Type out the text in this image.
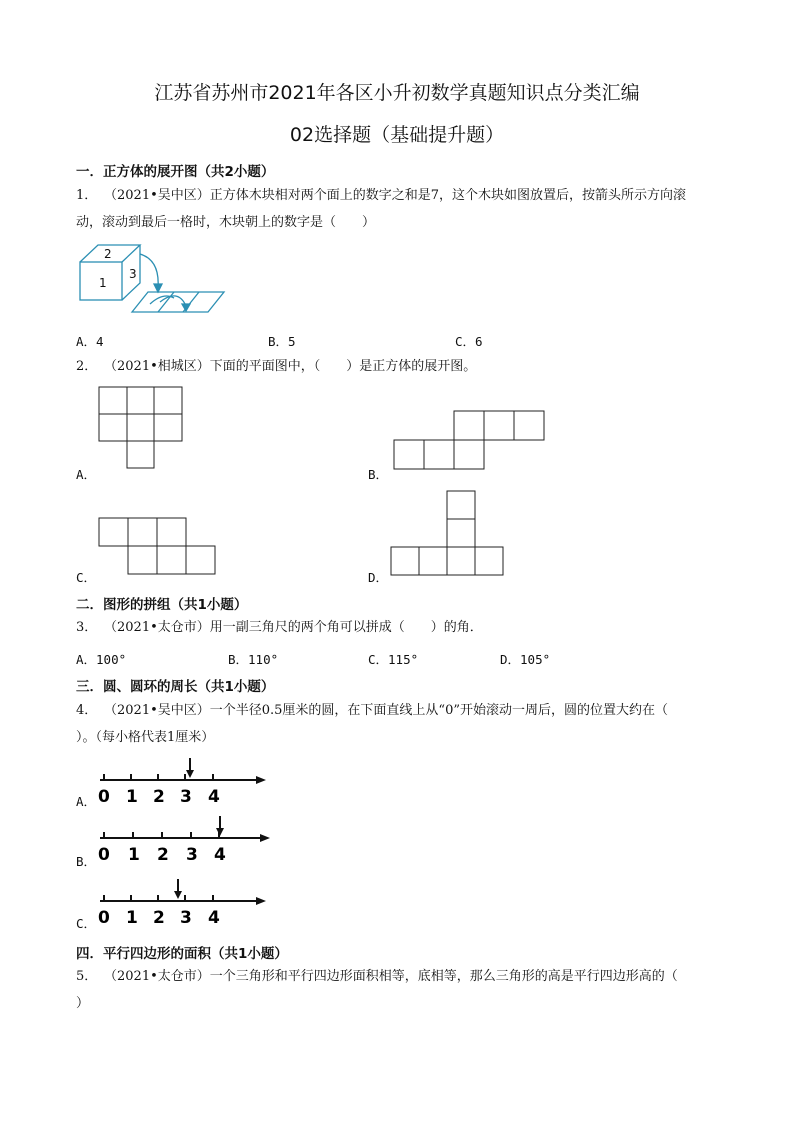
江苏省苏州市2021年各区小升初数学真题知识点分类汇编
02选择题（基础提升题）
一．正方体的展开图（共2小题）
1． （2021•吴中区）正方体木块相对两个面上的数字之和是7，这个木块如图放置后，按箭头所示方向滚
动，滚动到最后一格时，木块朝上的数字是（　　）
2
3
1
A．4	B．5	C．6
2． （2021•相城区）下面的平面图中，（　　）是正方体的展开图。
A．	B．
C．	D．
二．图形的拼组（共1小题）
3． （2021•太仓市）用一副三角尺的两个角可以拼成（　　）的角．
A．100°	B．110°	C．115°	D．105°
三．圆、圆环的周长（共1小题）
4． （2021•吴中区）一个半径0.5厘米的圆，在下面直线上从“0”开始滚动一周后，圆的位置大约在（
）。（每小格代表1厘米）
A． 0 1 2 3 4
B． 0 1 2 3 4
C． 0 1 2 3 4
四．平行四边形的面积（共1小题）
5． （2021•太仓市）一个三角形和平行四边形面积相等，底相等，那么三角形的高是平行四边形高的（
）
